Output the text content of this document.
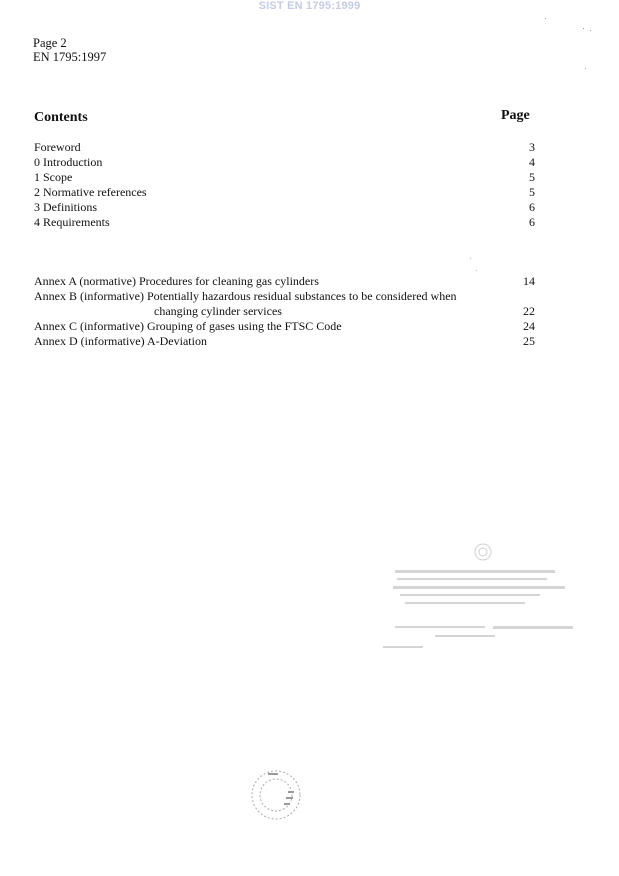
SIST EN 1795:1999
Page 2
EN 1795:1997
Contents	Page
Foreword	3
0 Introduction	4
1 Scope	5
2 Normative references	5
3 Definitions	6
4 Requirements	6
Annex A (normative) Procedures for cleaning gas cylinders	14
Annex B (informative) Potentially hazardous residual substances to be considered when
changing cylinder services	22
Annex C (informative) Grouping of gases using the FTSC Code	24
Annex D (informative) A-Deviation	25
